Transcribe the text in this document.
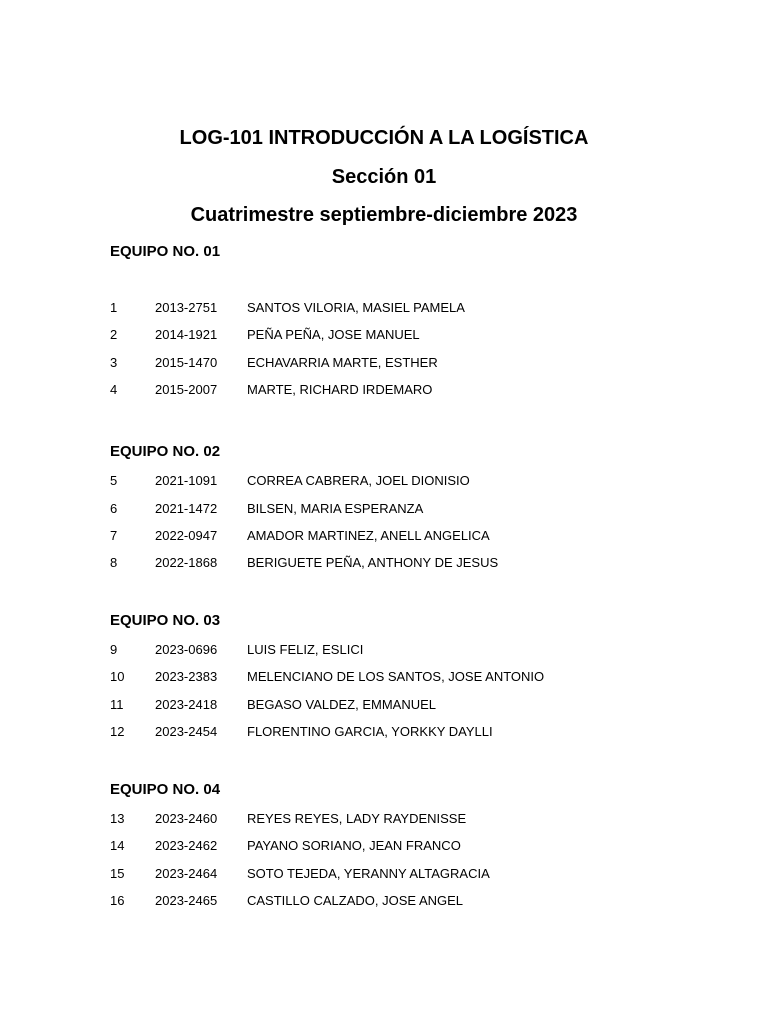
LOG-101 INTRODUCCIÓN A LA LOGÍSTICA
Sección 01
Cuatrimestre septiembre-diciembre 2023
EQUIPO NO. 01
1	2013-2751 SANTOS VILORIA, MASIEL PAMELA
2	2014-1921 PEÑA PEÑA, JOSE MANUEL
3	2015-1470 ECHAVARRIA MARTE, ESTHER
4	2015-2007 MARTE, RICHARD IRDEMARO
EQUIPO NO. 02
5	2021-1091 CORREA CABRERA, JOEL DIONISIO
6	2021-1472 BILSEN, MARIA ESPERANZA
7	2022-0947 AMADOR MARTINEZ, ANELL ANGELICA
8	2022-1868 BERIGUETE PEÑA, ANTHONY DE JESUS
EQUIPO NO. 03
9	2023-0696 LUIS FELIZ, ESLICI
10 2023-2383 MELENCIANO DE LOS SANTOS, JOSE ANTONIO
11 2023-2418 BEGASO VALDEZ, EMMANUEL
12 2023-2454 FLORENTINO GARCIA, YORKKY DAYLLI
EQUIPO NO. 04
13 2023-2460 REYES REYES, LADY RAYDENISSE
14 2023-2462 PAYANO SORIANO, JEAN FRANCO
15 2023-2464 SOTO TEJEDA, YERANNY ALTAGRACIA
16 2023-2465 CASTILLO CALZADO, JOSE ANGEL
